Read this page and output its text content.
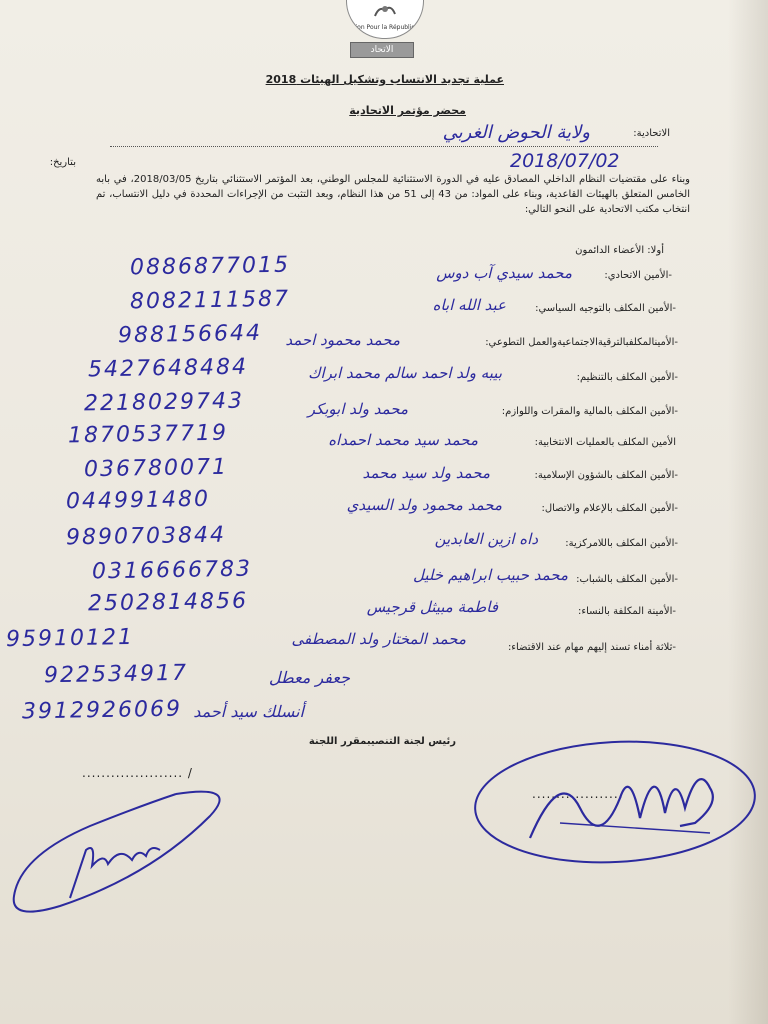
Union Pour la République
الاتحاد
عملية تجديد الانتساب وتشكيل الهيئات 2018
محضر مؤتمر الاتحادية
الاتحادية:
ولاية الحوض الغربي
بتاريخ:	2018/07/02
وبناء على مقتضيات النظام الداخلي المصادق عليه في الدورة الاستثنائية للمجلس الوطني، بعد المؤتمر الاستثنائي بتاريخ 2018/03/05، في بابه الخامس المتعلق بالهيئات القاعدية، وبناء على المواد: من 43 إلى 51 من هذا النظام، وبعد التثبت من الإجراءات المحددة في دليل الانتساب، تم انتخاب مكتب الاتحادية على النحو التالي:
أولا: الأعضاء الدائمون
-الأمين الاتحادي:
محمد سيدي آب دوس
0886877015
-الأمين المكلف بالتوجيه السياسي:
عبد الله اباه
8082111587
-الأمينالمكلفبالترقيةالاجتماعيةوالعمل التطوعي:
محمد محمود احمد
988156644
-الأمين المكلف بالتنظيم:
بيبه ولد احمد سالم محمد ابراك
5427648484
-الأمين المكلف بالمالية والمقرات واللوازم:
محمد ولد ابوبكر
2218029743
الأمين المكلف بالعمليات الانتخابية:
محمد سيد محمد احمداه
1870537719
-الأمين المكلف بالشؤون الإسلامية:
محمد ولد سيد محمد
036780071
-الأمين المكلف بالإعلام والاتصال:
محمد محمود ولد السيدي
044991480
-الأمين المكلف باللامركزية:
داه ازين العابدين
9890703844
-الأمين المكلف بالشباب:
محمد حبيب ابراهيم خليل
0316666783
-الأمينة المكلفة بالنساء:
فاطمة مبيثل قرجيس
2502814856
-ثلاثة أمناء تسند إليهم مهام عند الاقتضاء:
محمد المختار ولد المصطفى
95910121
جعفر معطل
922534917
أنسلك سيد أحمد
3912926069
رئيس لجنة التنصيبمقرر اللجنة
..................... /
...................
